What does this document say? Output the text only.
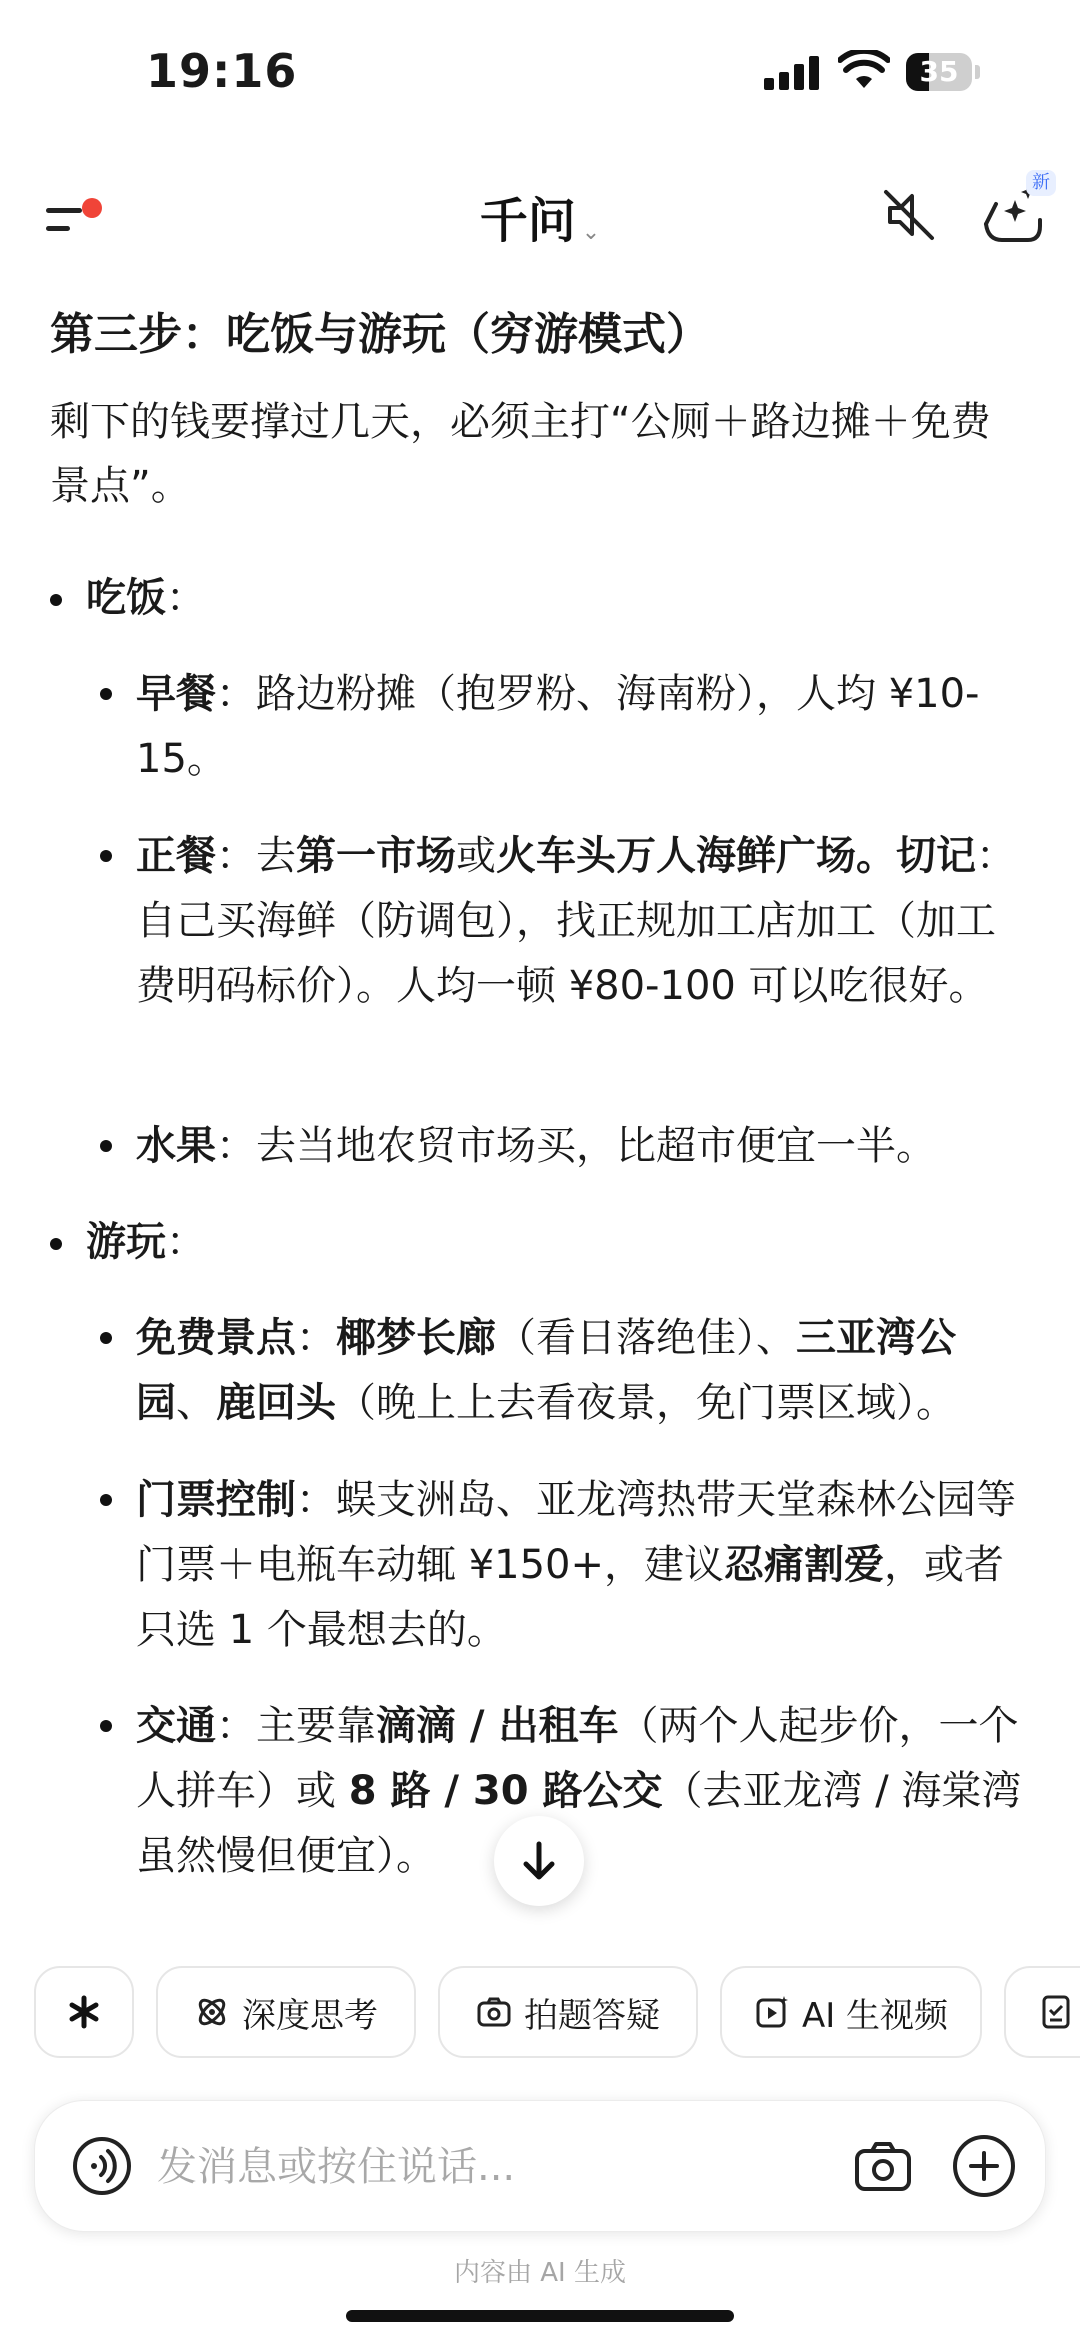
19:16	35
千问 ⌄
新
第三步：吃饭与游玩（穷游模式）
剩下的钱要撑过几天，必须主打“公厕＋路边摊＋免费景点”。
吃饭：
早餐：路边粉摊（抱罗粉、海南粉），人均 ¥10-15。
正餐：去第一市场或火车头万人海鲜广场。切记：自己买海鲜（防调包），找正规加工店加工（加工费明码标价）。人均一顿 ¥80-100 可以吃很好。
水果：去当地农贸市场买，比超市便宜一半。
游玩：
免费景点：椰梦长廊（看日落绝佳）、三亚湾公园、鹿回头（晚上上去看夜景，免门票区域）。
门票控制：蜈支洲岛、亚龙湾热带天堂森林公园等门票＋电瓶车动辄 ¥150+，建议忍痛割爱，或者只选 1 个最想去的。
交通：主要靠滴滴 / 出租车（两个人起步价，一个人拼车）或 8 路 / 30 路公交（去亚龙湾 / 海棠湾虽然慢但便宜）。
深度思考	拍题答疑	AI 生视频
发消息或按住说话...
内容由 AI 生成
